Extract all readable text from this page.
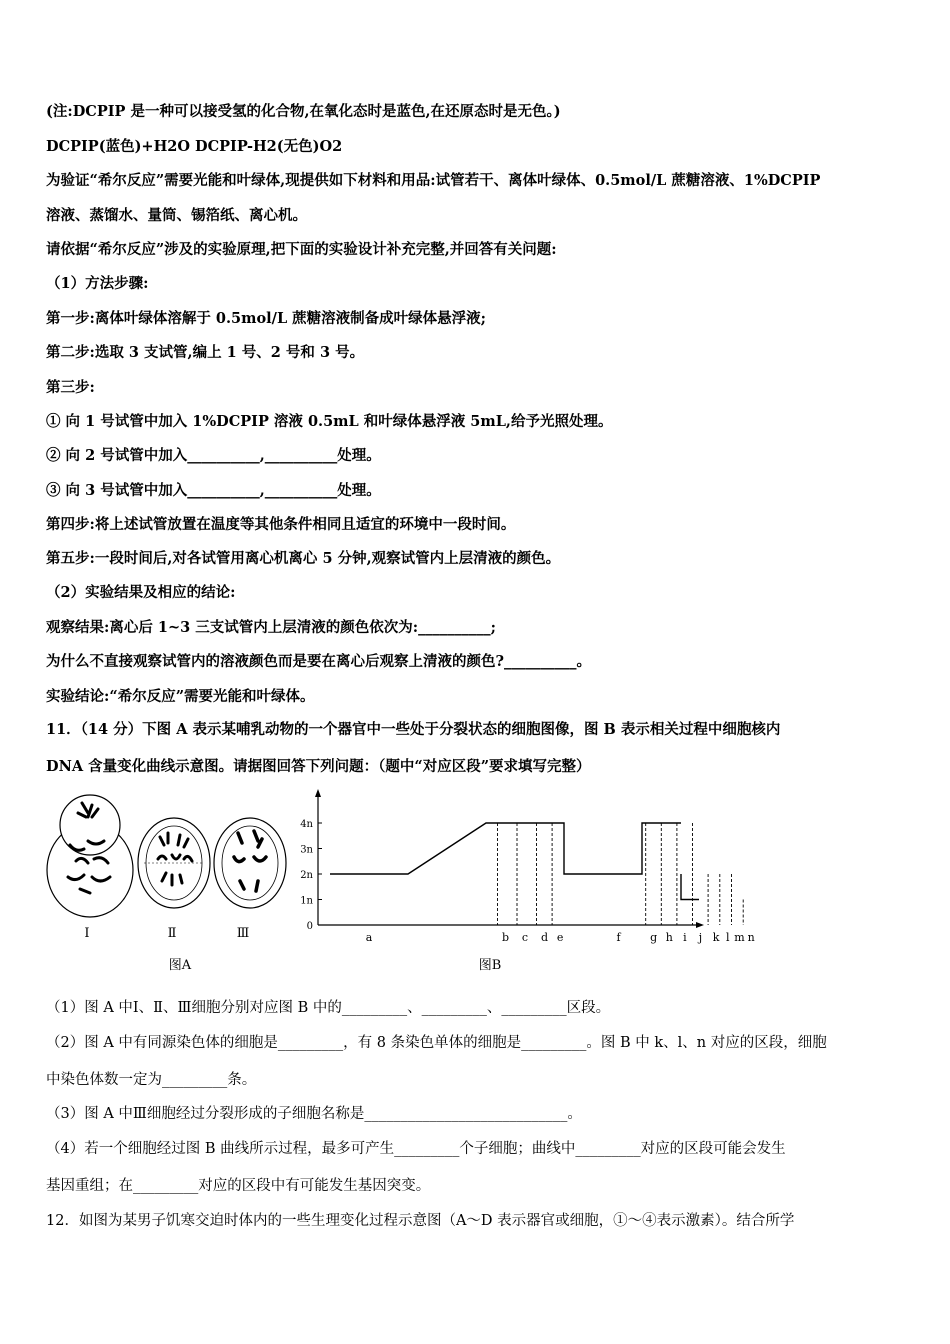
(注:DCPIP 是一种可以接受氢的化合物,在氧化态时是蓝色,在还原态时是无色。)
DCPIP(蓝色)+H2O DCPIP-H2(无色)O2
为验证“希尔反应”需要光能和叶绿体,现提供如下材料和用品:试管若干、离体叶绿体、0.5mol/L 蔗糖溶液、1%DCPIP
溶液、蒸馏水、量筒、锡箔纸、离心机。
请依据“希尔反应”涉及的实验原理,把下面的实验设计补充完整,并回答有关问题:
（1）方法步骤:
第一步:离体叶绿体溶解于 0.5mol/L 蔗糖溶液制备成叶绿体悬浮液;
第二步:选取 3 支试管,编上 1 号、2 号和 3 号。
第三步:
① 向 1 号试管中加入 1%DCPIP 溶液 0.5mL 和叶绿体悬浮液 5mL,给予光照处理。
② 向 2 号试管中加入__________,__________处理。
③ 向 3 号试管中加入__________,__________处理。
第四步:将上述试管放置在温度等其他条件相同且适宜的环境中一段时间。
第五步:一段时间后,对各试管用离心机离心 5 分钟,观察试管内上层清液的颜色。
（2）实验结果及相应的结论:
观察结果:离心后 1~3 三支试管内上层清液的颜色依次为:__________;
为什么不直接观察试管内的溶液颜色而是要在离心后观察上清液的颜色?__________。
实验结论:“希尔反应”需要光能和叶绿体。
11．（14 分）下图 A 表示某哺乳动物的一个器官中一些处于分裂状态的细胞图像，图 B 表示相关过程中细胞核内
DNA 含量变化曲线示意图。请据图回答下列问题：（题中“对应区段”要求填写完整）
Ⅰ	Ⅱ	Ⅲ
图A
0
1n
2n
3n
4n
a	b c d e	f	g h i j k l m n
图B
（1）图 A 中Ⅰ、Ⅱ、Ⅲ细胞分别对应图 B 中的_________、_________、_________区段。
（2）图 A 中有同源染色体的细胞是_________，有 8 条染色单体的细胞是_________。图 B 中 k、l、n 对应的区段，细胞
中染色体数一定为_________条。
（3）图 A 中Ⅲ细胞经过分裂形成的子细胞名称是____________________________。
（4）若一个细胞经过图 B 曲线所示过程，最多可产生_________个子细胞；曲线中_________对应的区段可能会发生
基因重组；在_________对应的区段中有可能发生基因突变。
12．如图为某男子饥寒交迫时体内的一些生理变化过程示意图（A～D 表示器官或细胞，①～④表示激素）。结合所学
